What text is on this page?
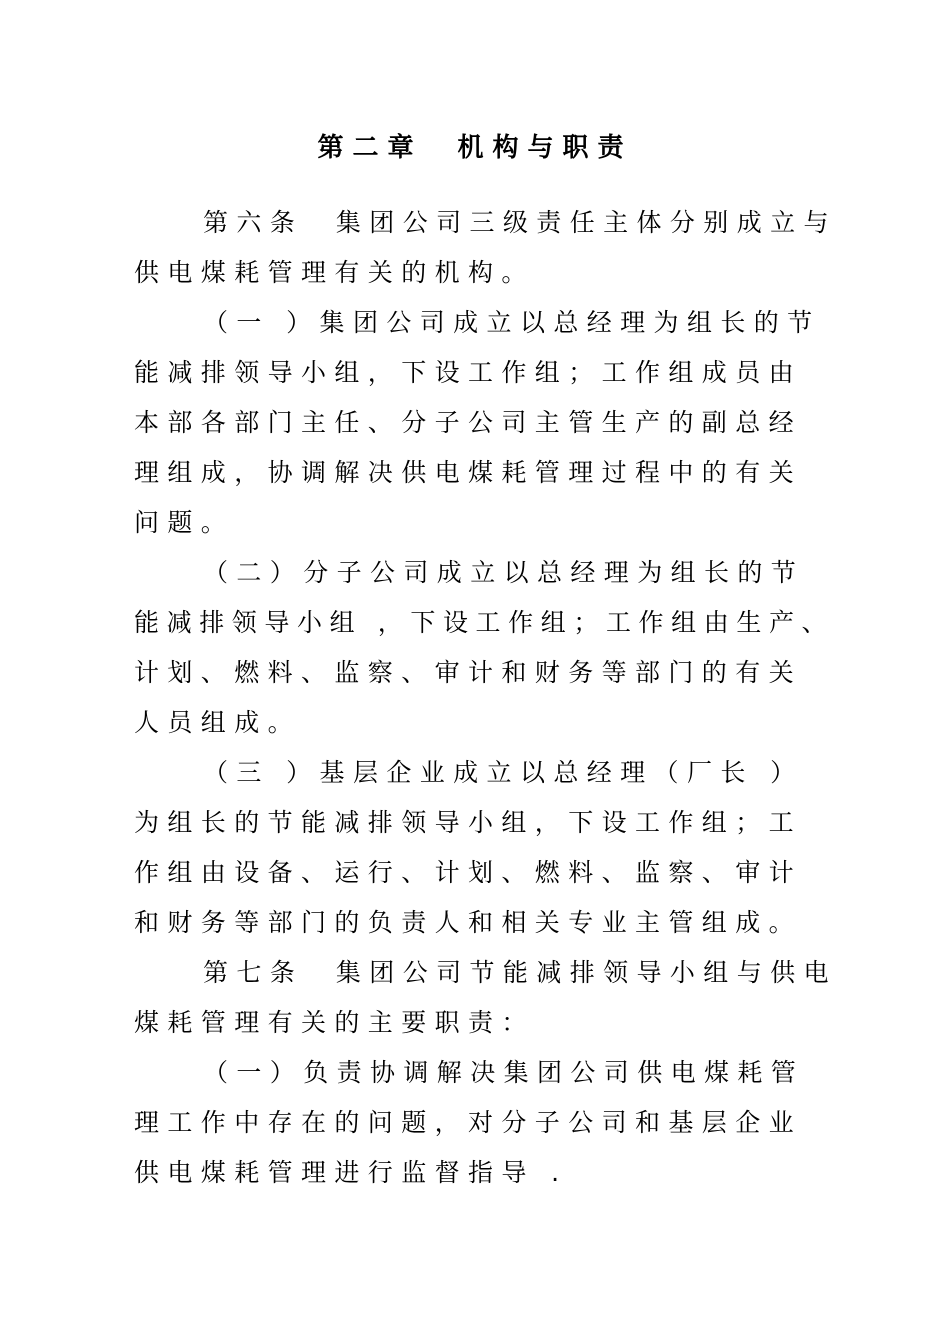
第二章　机构与职责
第六条  集团公司三级责任主体分别成立与
供电煤耗管理有关的机构。
（一 ）集团公司成立以总经理为组长的节
能减排领导小组，下设工作组；工作组成员由
本部各部门主任、分子公司主管生产的副总经
理组成，协调解决供电煤耗管理过程中的有关
问题。
（二）分子公司成立以总经理为组长的节
能减排领导小组 ，下设工作组；工作组由生产、
计划、燃料、监察、审计和财务等部门的有关
人员组成。
（三 ）基层企业成立以总经理（厂长 ）
为组长的节能减排领导小组，下设工作组；工
作组由设备、运行、计划、燃料、监察、审计
和财务等部门的负责人和相关专业主管组成。
第七条  集团公司节能减排领导小组与供电
煤耗管理有关的主要职责：
（一）负责协调解决集团公司供电煤耗管
理工作中存在的问题，对分子公司和基层企业
供电煤耗管理进行监督指导 .
